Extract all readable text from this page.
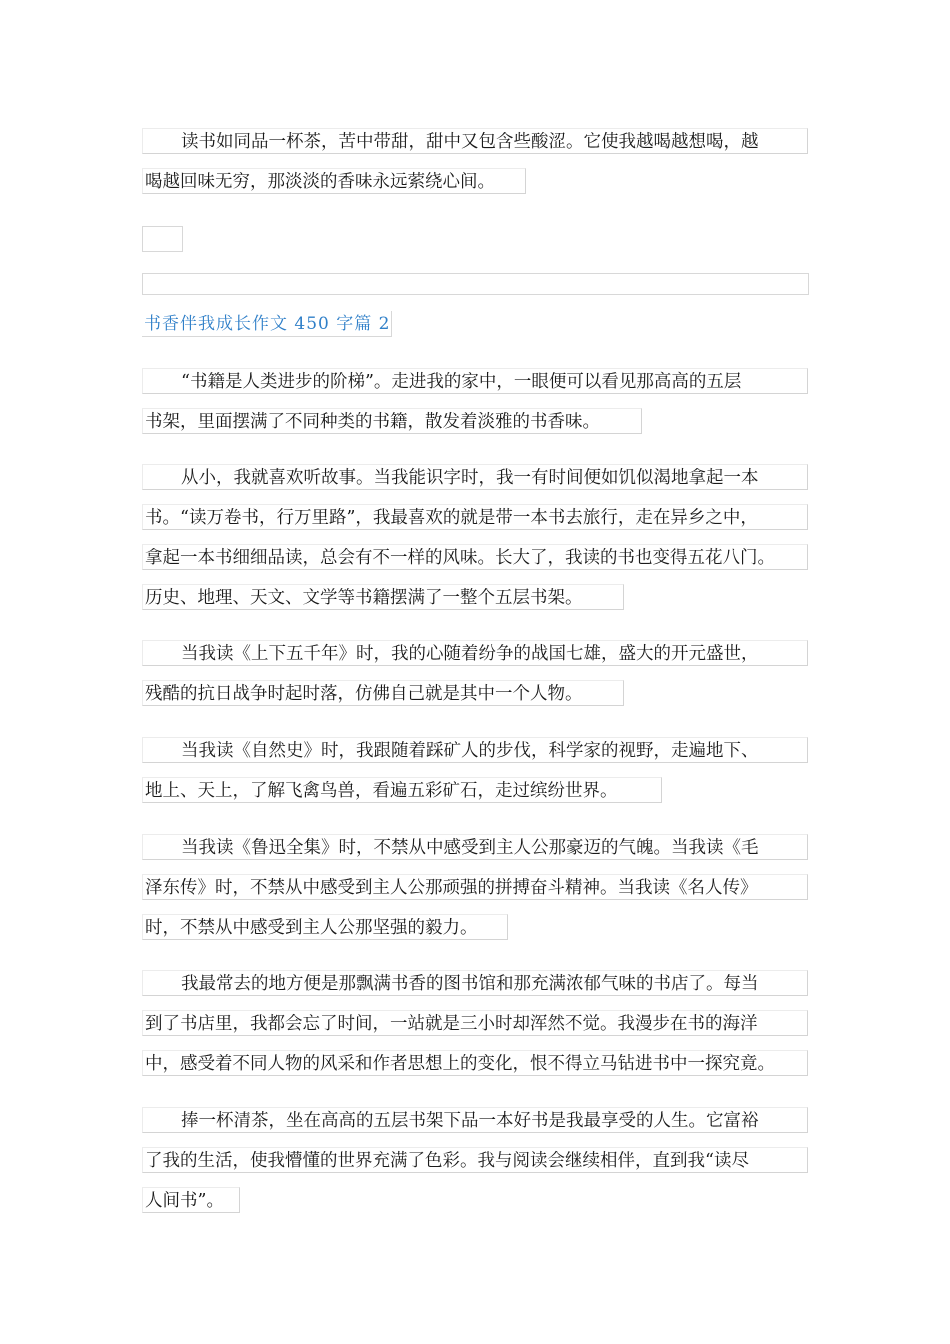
读书如同品一杯茶，苦中带甜，甜中又包含些酸涩。它使我越喝越想喝，越
喝越回味无穷，那淡淡的香味永远萦绕心间。
书香伴我成长作文 450 字篇 2
“书籍是人类进步的阶梯”。走进我的家中，一眼便可以看见那高高的五层
书架，里面摆满了不同种类的书籍，散发着淡雅的书香味。
从小，我就喜欢听故事。当我能识字时，我一有时间便如饥似渴地拿起一本
书。“读万卷书，行万里路”，我最喜欢的就是带一本书去旅行，走在异乡之中，
拿起一本书细细品读，总会有不一样的风味。长大了，我读的书也变得五花八门。
历史、地理、天文、文学等书籍摆满了一整个五层书架。
当我读《上下五千年》时，我的心随着纷争的战国七雄，盛大的开元盛世，
残酷的抗日战争时起时落，仿佛自己就是其中一个人物。
当我读《自然史》时，我跟随着踩矿人的步伐，科学家的视野，走遍地下、
地上、天上，了解飞禽鸟兽，看遍五彩矿石，走过缤纷世界。
当我读《鲁迅全集》时，不禁从中感受到主人公那豪迈的气魄。当我读《毛
泽东传》时，不禁从中感受到主人公那顽强的拼搏奋斗精神。当我读《名人传》
时，不禁从中感受到主人公那坚强的毅力。
我最常去的地方便是那飘满书香的图书馆和那充满浓郁气味的书店了。每当
到了书店里，我都会忘了时间，一站就是三小时却浑然不觉。我漫步在书的海洋
中，感受着不同人物的风采和作者思想上的变化，恨不得立马钻进书中一探究竟。
捧一杯清茶，坐在高高的五层书架下品一本好书是我最享受的人生。它富裕
了我的生活，使我懵懂的世界充满了色彩。我与阅读会继续相伴，直到我“读尽
人间书”。
